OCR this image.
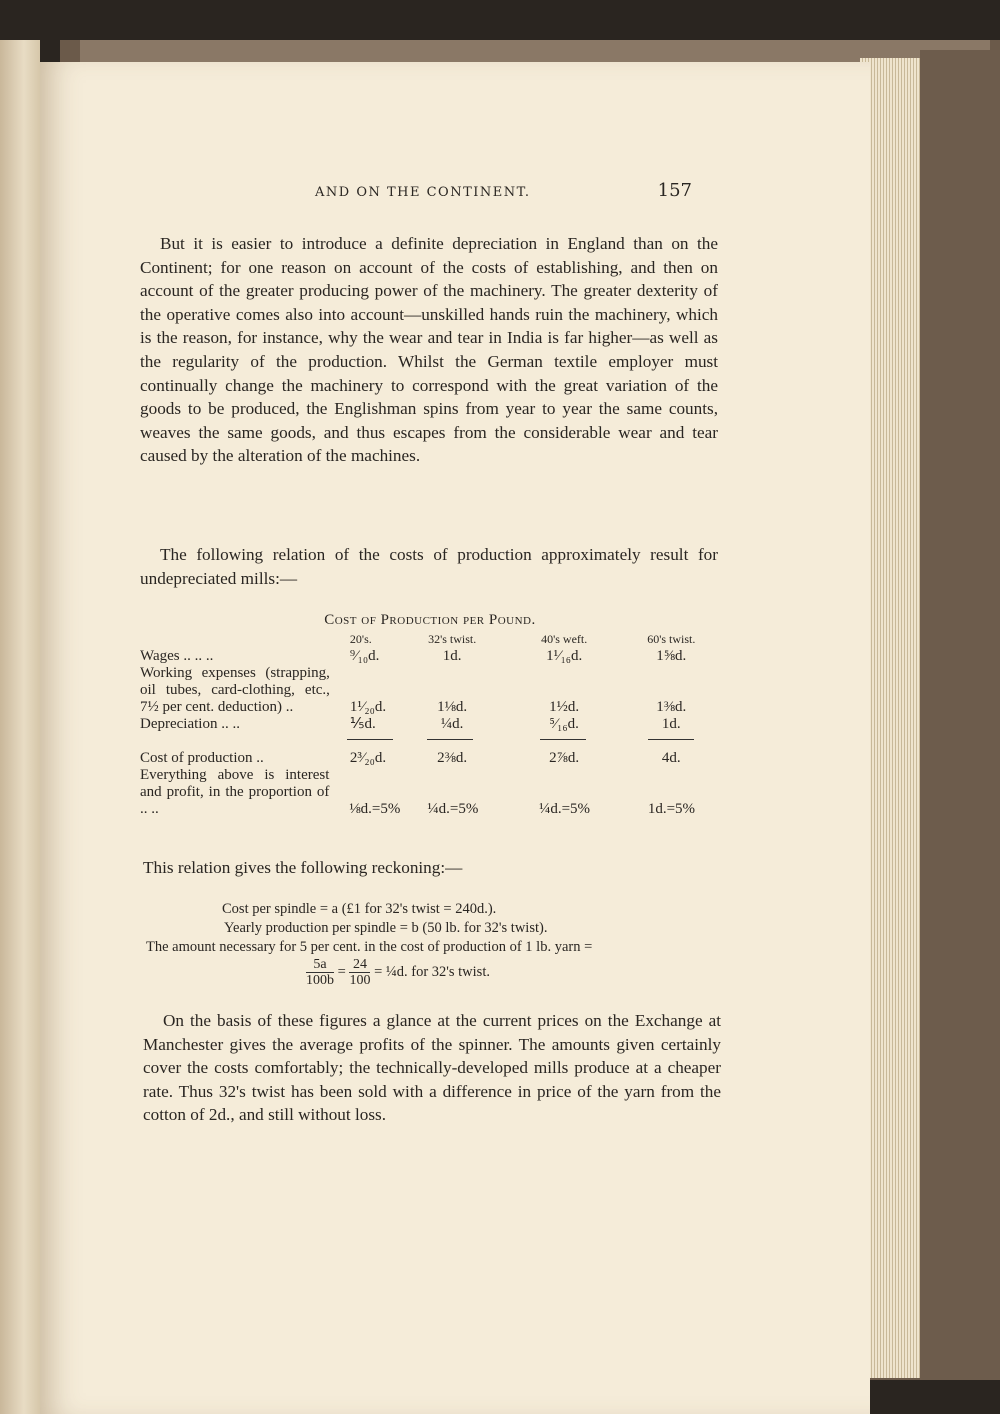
AND ON THE CONTINENT.	157

But it is easier to introduce a definite depreciation in England than on the Continent; for one reason on account of the costs of establishing, and then on account of the greater producing power of the machinery. The greater dexterity of the operative comes also into account—unskilled hands ruin the machinery, which is the reason, for instance, why the wear and tear in India is far higher—as well as the regularity of the production. Whilst the German textile employer must continually change the machinery to correspond with the great variation of the goods to be produced, the Englishman spins from year to year the same counts, weaves the same goods, and thus escapes from the considerable wear and tear caused by the alteration of the machines.

The following relation of the costs of production approximately result for undepreciated mills:—

Cost of Production per Pound.
20's.	32's twist.	40's weft.	60's twist.
Wages .. .. ..	⁹⁄₁₀d.	1d.	1¹⁄₁₆d.	1⅝d.
Working expenses (strapping, oil tubes, card-clothing, etc., 7½ per cent. deduction) ..	1¹⁄₂₀d.	1⅛d.	1½d.	1⅜d.
Depreciation .. ..	⅕d.	¼d.	⁵⁄₁₆d.	1d.
Cost of production ..	2³⁄₂₀d.	2⅜d.	2⅞d.	4d.
Everything above is interest and profit, in the proportion of .. ..	⅛d.=5%	¼d.=5%	¼d.=5%	1d.=5%
This relation gives the following reckoning:—
Cost per spindle = a (£1 for 32's twist = 240d.).
Yearly production per spindle = b (50 lb. for 32's twist).
The amount necessary for 5 per cent. in the cost of production of 1 lb. yarn =
$\frac{5a}{100b} = \frac{24}{100}$ = ¼d. for 32's twist.

On the basis of these figures a glance at the current prices on the Exchange at Manchester gives the average profits of the spinner. The amounts given certainly cover the costs comfortably; the technically-developed mills produce at a cheaper rate. Thus 32's twist has been sold with a difference in price of the yarn from the cotton of 2d., and still without loss.
